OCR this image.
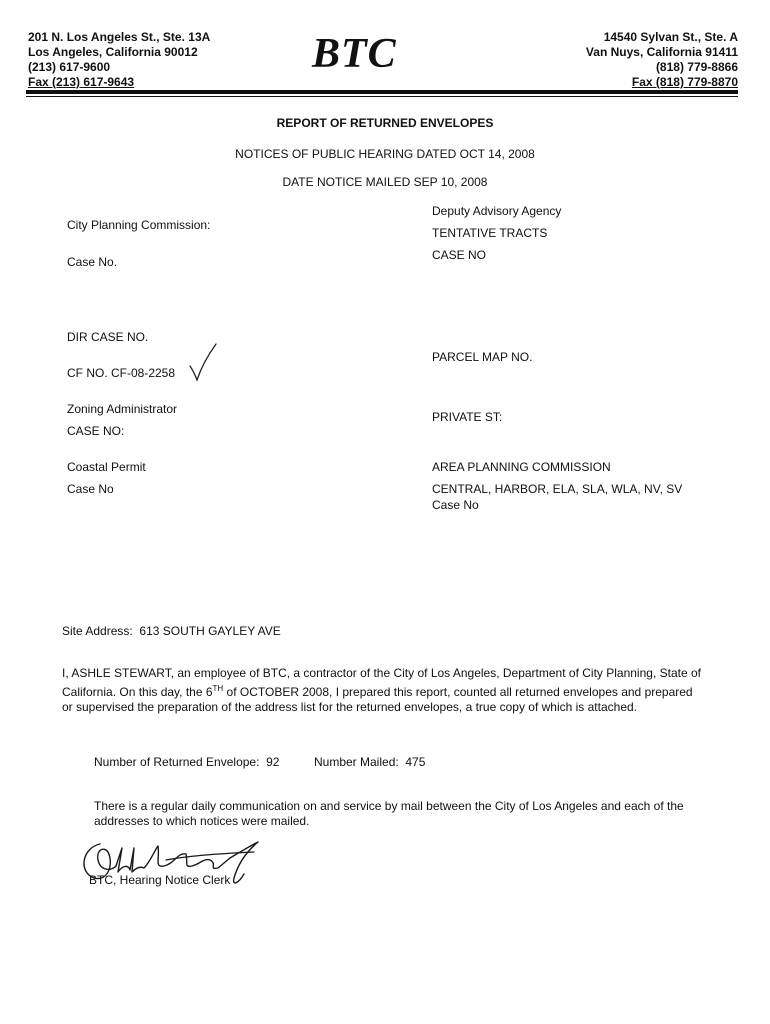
201 N. Los Angeles St., Ste. 13A
Los Angeles, California 90012
(213) 617-9600
Fax (213) 617-9643
BTC	14540 Sylvan St., Ste. A
Van Nuys, California 91411
(818) 779-8866
Fax (818) 779-8870
REPORT OF RETURNED ENVELOPES
NOTICES OF PUBLIC HEARING DATED OCT 14, 2008
DATE NOTICE MAILED SEP 10, 2008
City Planning Commission:
Case No.
DIR CASE NO.
CF NO. CF-08-2258
Zoning Administrator
CASE NO:
Coastal Permit
Case No
Deputy Advisory Agency
TENTATIVE TRACTS
CASE NO
PARCEL MAP NO.
PRIVATE ST:
AREA PLANNING COMMISSION
CENTRAL, HARBOR, ELA, SLA, WLA, NV, SV
Case No
Site Address: 613 SOUTH GAYLEY AVE
I, ASHLE STEWART, an employee of BTC, a contractor of the City of Los Angeles, Department of City Planning, State of California. On this day, the 6TH of OCTOBER 2008, I prepared this report, counted all returned envelopes and prepared or supervised the preparation of the address list for the returned envelopes, a true copy of which is attached.
Number of Returned Envelope: 92	Number Mailed: 475
There is a regular daily communication on and service by mail between the City of Los Angeles and each of the addresses to which notices were mailed.
BTC, Hearing Notice Clerk
